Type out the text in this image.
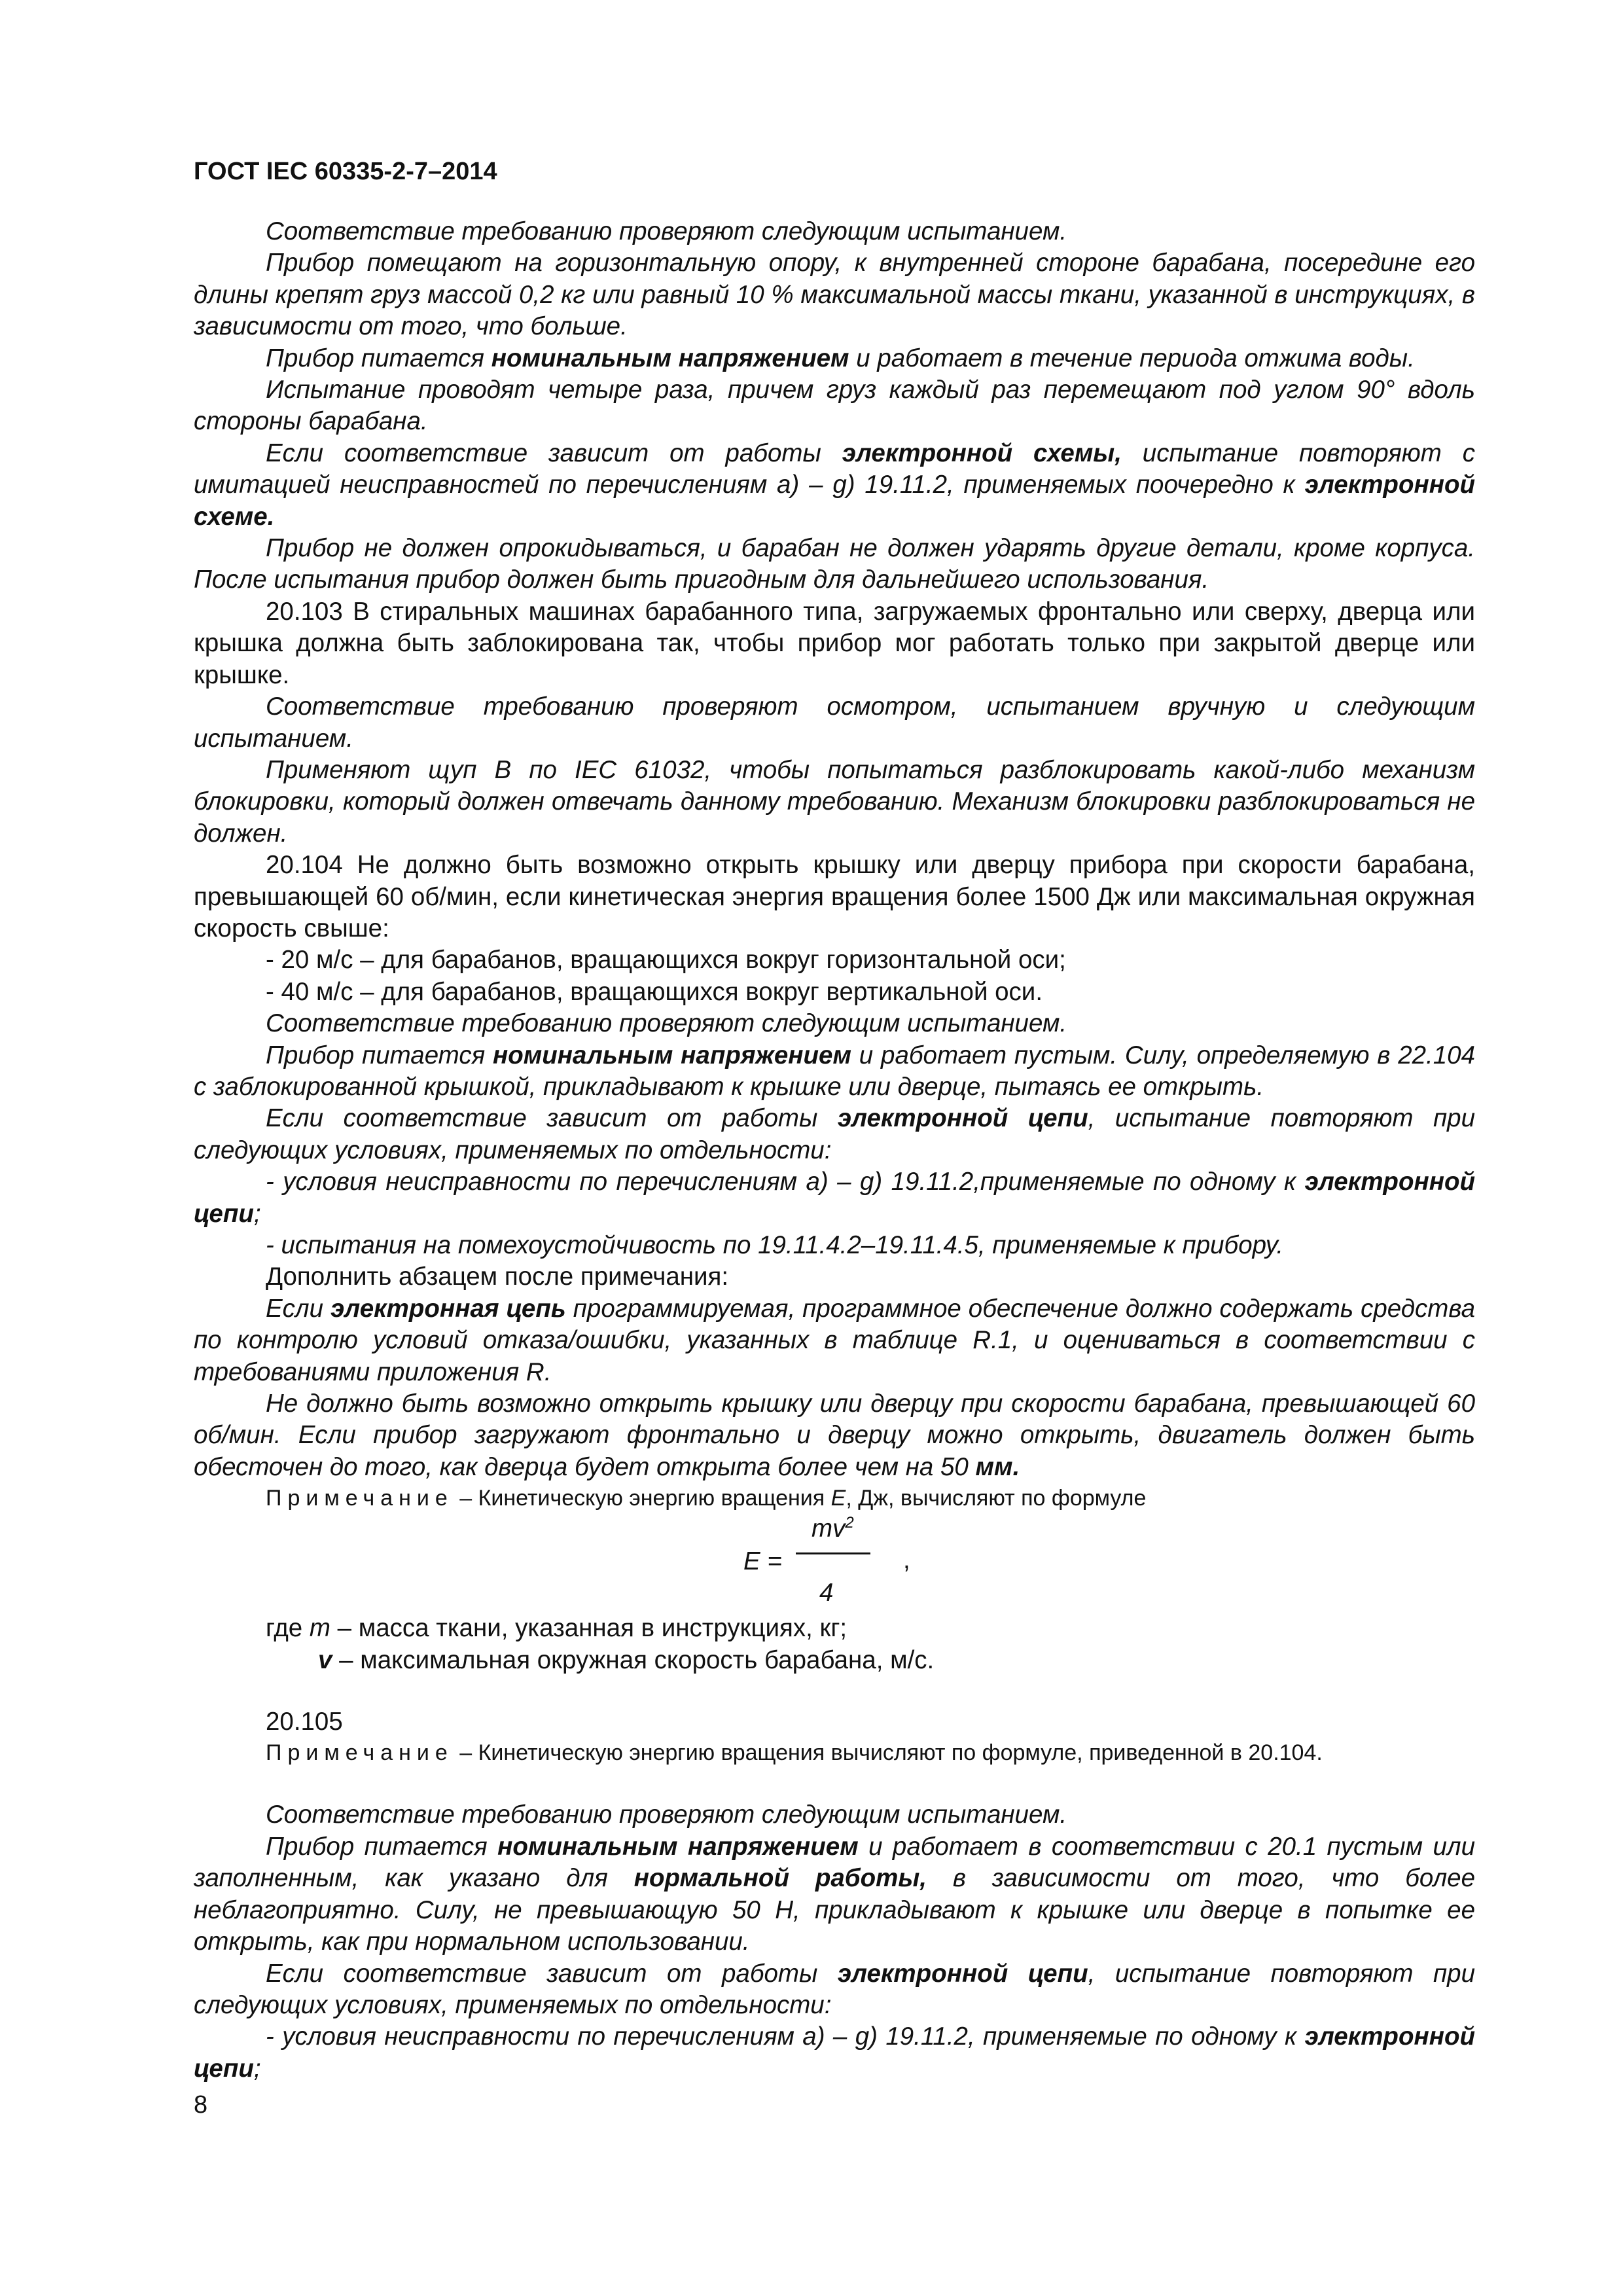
ГОСТ IEC 60335-2-7–2014

Соответствие требованию проверяют следующим испытанием.

Прибор помещают на горизонтальную опору, к внутренней стороне барабана, посередине его длины крепят груз массой 0,2 кг или равный 10 % максимальной массы ткани, указанной в инструкциях, в зависимости от того, что больше.

Прибор питается номинальным напряжением и работает в течение периода отжима воды.

Испытание проводят четыре раза, причем груз каждый раз перемещают под углом 90° вдоль стороны барабана.

Если соответствие зависит от работы электронной схемы, испытание повторяют с имитацией неисправностей по перечислениям а) – g) 19.11.2, применяемых поочередно к электронной схеме.

Прибор не должен опрокидываться, и барабан не должен ударять другие детали, кроме корпуса. После испытания прибор должен быть пригодным для дальнейшего использования.

20.103 В стиральных машинах барабанного типа, загружаемых фронтально или сверху, дверца или крышка должна быть заблокирована так, чтобы прибор мог работать только при закрытой дверце или крышке.

Соответствие требованию проверяют осмотром, испытанием вручную и следующим испытанием.

Применяют щуп В по IEC 61032, чтобы попытаться разблокировать какой-либо механизм блокировки, который должен отвечать данному требованию. Механизм блокировки разблокироваться не должен.

20.104 Не должно быть возможно открыть крышку или дверцу прибора при скорости барабана, превышающей 60 об/мин, если кинетическая энергия вращения более 1500 Дж или максимальная окружная скорость свыше:

- 20 м/с – для барабанов, вращающихся вокруг горизонтальной оси;

- 40 м/с – для барабанов, вращающихся вокруг вертикальной оси.

Соответствие требованию проверяют следующим испытанием.

Прибор питается номинальным напряжением и работает пустым. Силу, определяемую в 22.104 с заблокированной крышкой, прикладывают к крышке или дверце, пытаясь ее открыть.

Если соответствие зависит от работы электронной цепи, испытание повторяют при следующих условиях, применяемых по отдельности:

- условия неисправности по перечислениям а) – g) 19.11.2,применяемые по одному к электронной цепи;

- испытания на помехоустойчивость по 19.11.4.2–19.11.4.5, применяемые к прибору.

Дополнить абзацем после примечания:

Если электронная цепь программируемая, программное обеспечение должно содержать средства по контролю условий отказа/ошибки, указанных в таблице R.1, и оцениваться в соответствии с требованиями приложения R.

Не должно быть возможно открыть крышку или дверцу при скорости барабана, превышающей 60 об/мин. Если прибор загружают фронтально и дверцу можно открыть, двигатель должен быть обесточен до того, как дверца будет открыта более чем на 50 мм.

Примечание – Кинетическую энергию вращения E, Дж, вычисляют по формуле

E =
$mv^2$
4
,

где m – масса ткани, указанная в инструкциях, кг;

v – максимальная окружная скорость барабана, м/с.

20.105

Примечание – Кинетическую энергию вращения вычисляют по формуле, приведенной в 20.104.

Соответствие требованию проверяют следующим испытанием.

Прибор питается номинальным напряжением и работает в соответствии с 20.1 пустым или заполненным, как указано для нормальной работы, в зависимости от того, что более неблагоприятно. Силу, не превышающую 50 Н, прикладывают к крышке или дверце в попытке ее открыть, как при нормальном использовании.

Если соответствие зависит от работы электронной цепи, испытание повторяют при следующих условиях, применяемых по отдельности:

- условия неисправности по перечислениям а) – g) 19.11.2, применяемые по одному к электронной цепи;

8
